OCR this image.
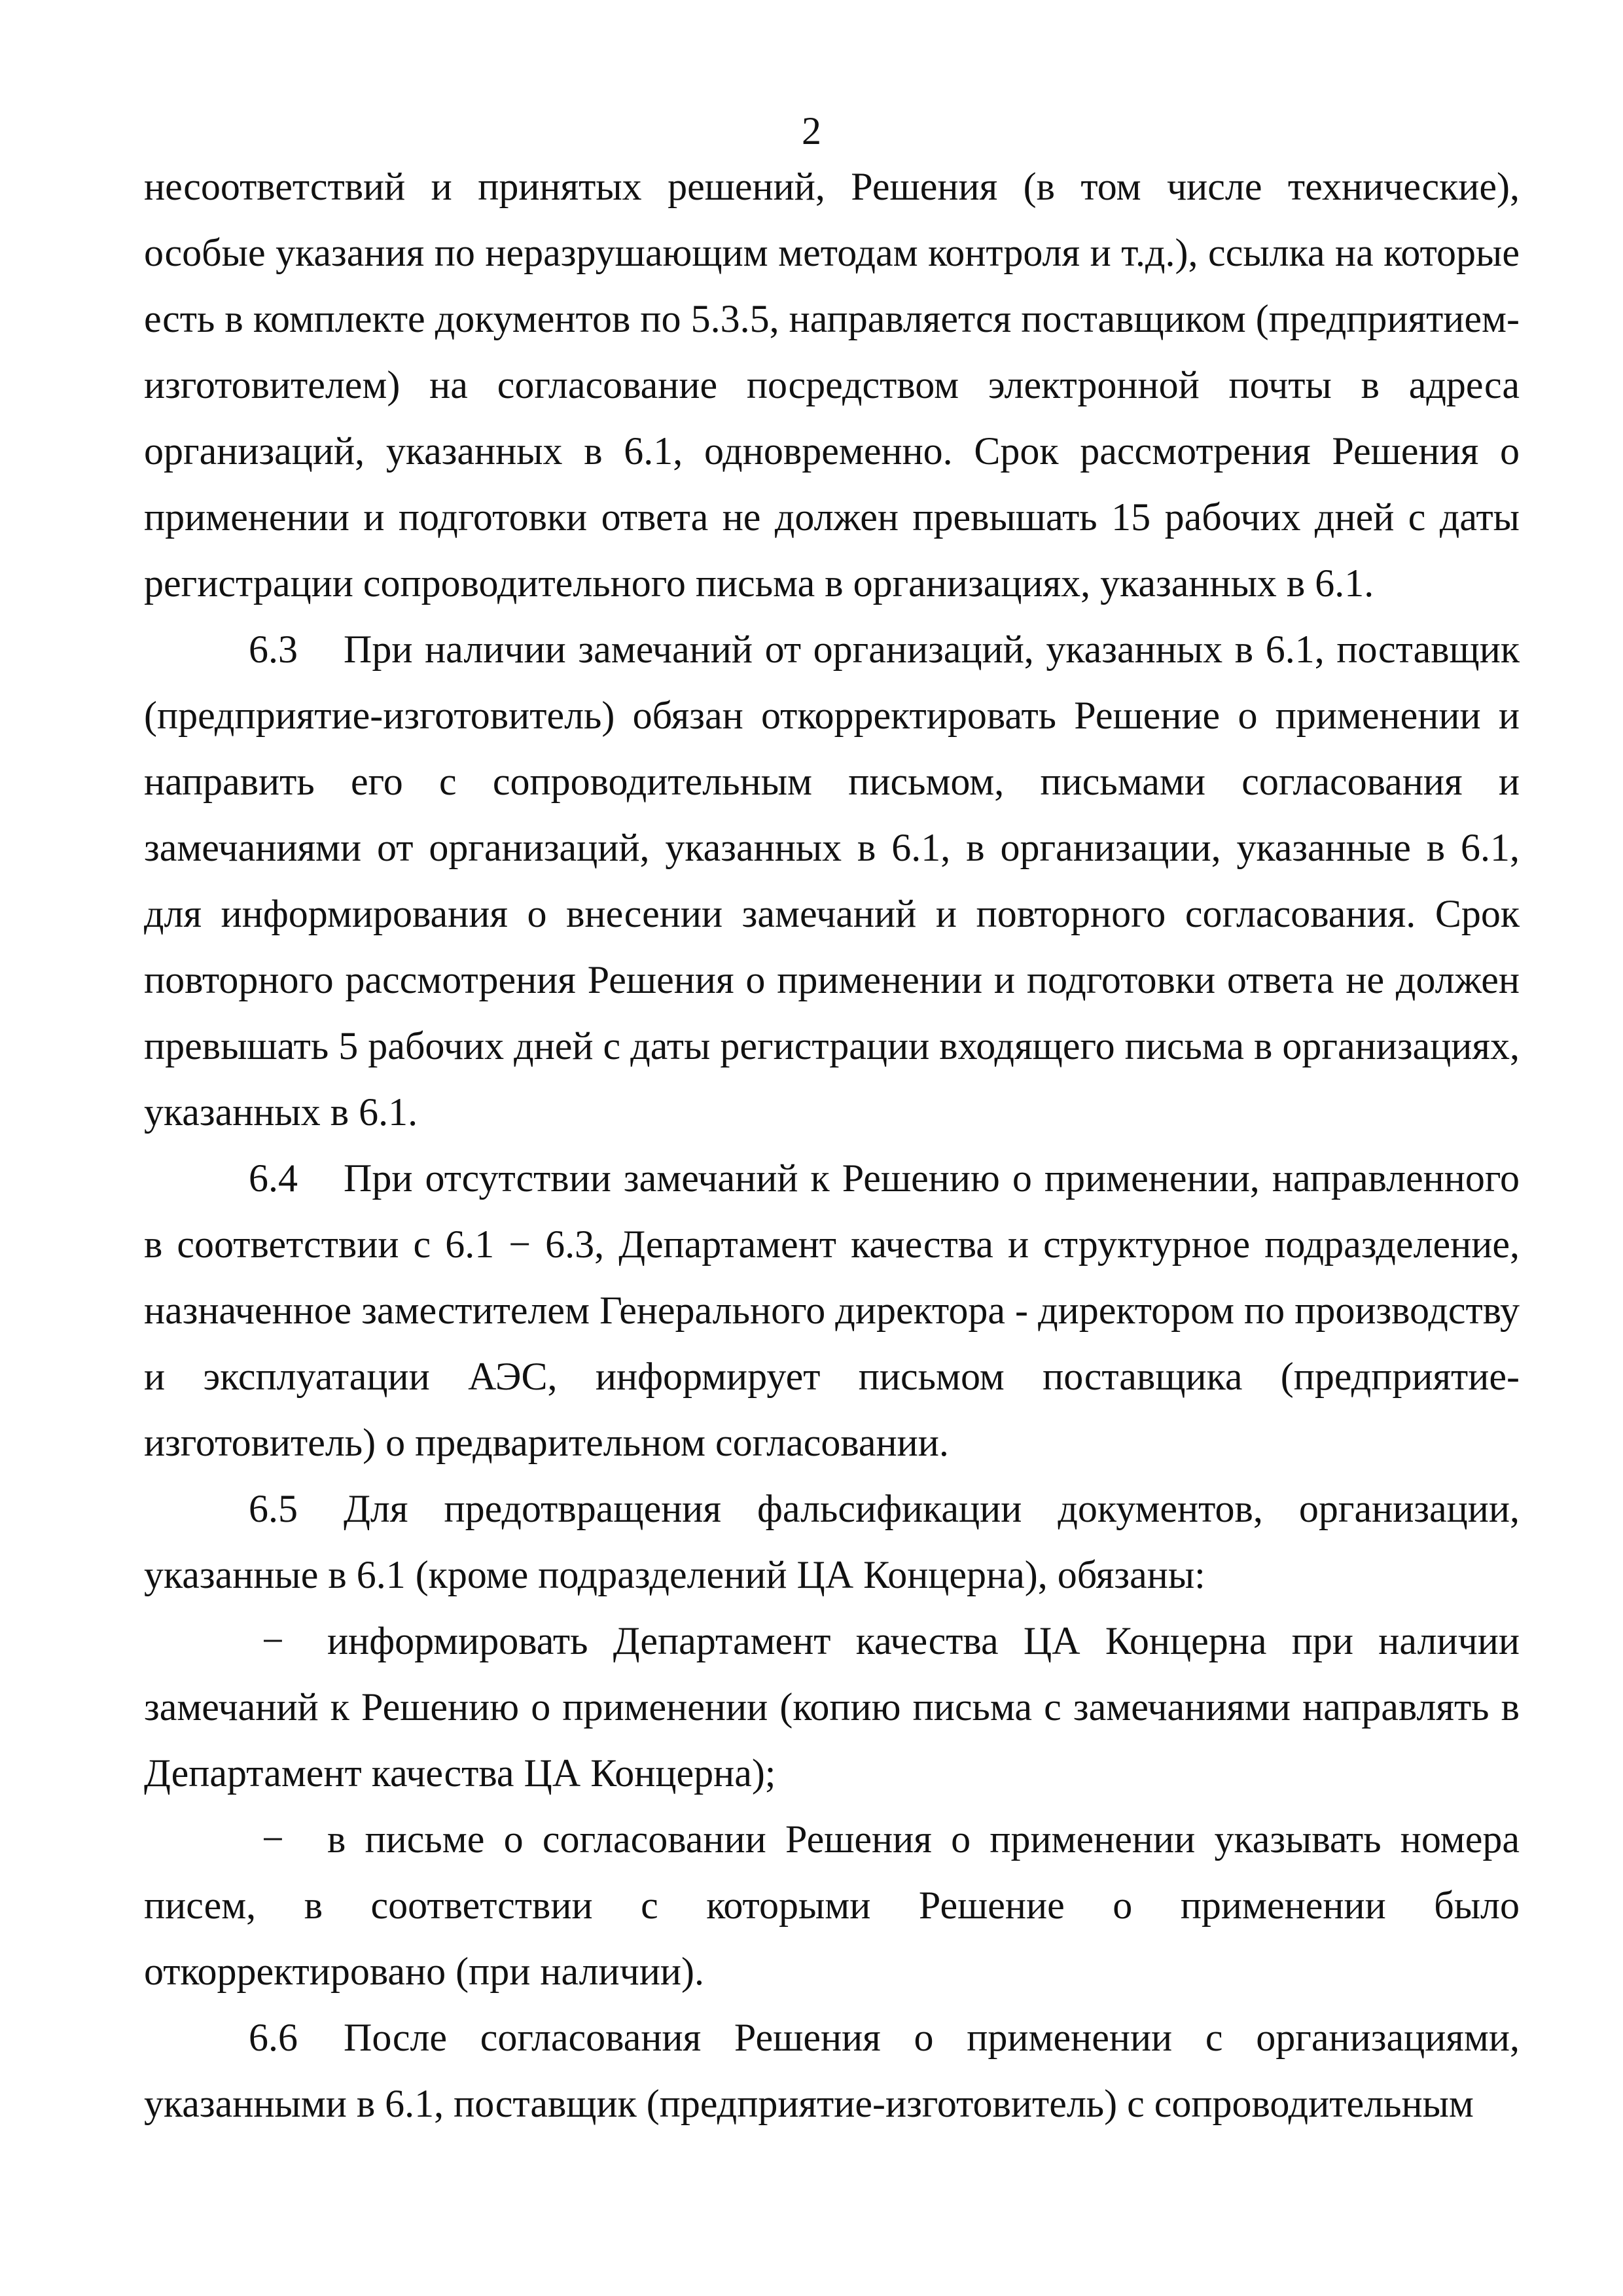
2

несоответствий и принятых решений, Решения (в том числе технические), особые указания по неразрушающим методам контроля и т.д.), ссылка на которые есть в комплекте документов по 5.3.5, направляется поставщиком (предприятием-изготовителем) на согласование посредством электронной почты в адреса организаций, указанных в 6.1, одновременно. Срок рассмотрения Решения о применении и подготовки ответа не должен превышать 15 рабочих дней с даты регистрации сопроводительного письма в организациях, указанных в 6.1.

6.3 При наличии замечаний от организаций, указанных в 6.1, поставщик (предприятие-изготовитель) обязан откорректировать Решение о применении и направить его с сопроводительным письмом, письмами согласования и замечаниями от организаций, указанных в 6.1, в организации, указанные в 6.1, для информирования о внесении замечаний и повторного согласования. Срок повторного рассмотрения Решения о применении и подготовки ответа не должен превышать 5 рабочих дней с даты регистрации входящего письма в организациях, указанных в 6.1.

6.4 При отсутствии замечаний к Решению о применении, направленного в соответствии с 6.1 − 6.3, Департамент качества и структурное подразделение, назначенное заместителем Генерального директора - директором по производству и эксплуатации АЭС, информирует письмом поставщика (предприятие-изготовитель) о предварительном согласовании.

6.5 Для предотвращения фальсификации документов, организации, указанные в 6.1 (кроме подразделений ЦА Концерна), обязаны:

− информировать Департамент качества ЦА Концерна при наличии замечаний к Решению о применении (копию письма с замечаниями направлять в Департамент качества ЦА Концерна);

− в письме о согласовании Решения о применении указывать номера писем, в соответствии с которыми Решение о применении было откорректировано (при наличии).

6.6 После согласования Решения о применении с организациями, указанными в 6.1, поставщик (предприятие-изготовитель) с сопроводительным
